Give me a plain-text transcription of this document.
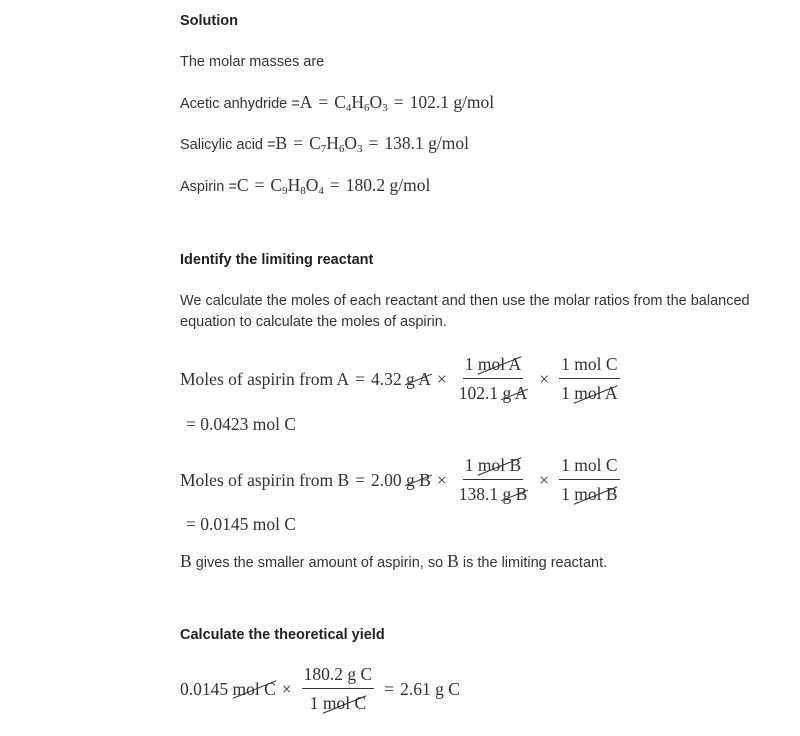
Solution
The molar masses are
Acetic anhydride = $A = C_4H_6O_3 = 102.1$ g/mol
Salicylic acid = $B = C_7H_6O_3 = 138.1$ g/mol
Aspirin = $C = C_9H_8O_4 = 180.2$ g/mol
Identify the limiting reactant
We calculate the moles of each reactant and then use the molar ratios from the balanced equation to calculate the moles of aspirin.
Moles of aspirin from A = 4.32
g $A \times \frac{\text{1 mol A}}{\text{102.1 g A}} \times \frac{\text{1 mol C}}{\text{1 mol A}}$
=
0.0423 mol C
Moles of aspirin from B = 2.00
g $B \times \frac{\text{1 mol B}}{\text{138.1 g B}} \times \frac{\text{1 mol C}}{\text{1 mol B}}$
=
0.0145 mol C
B gives the smaller amount of aspirin, so B is the limiting reactant.
Calculate the theoretical yield
0.0145
mol $C \times \frac{\text{180.2 g C}}{\text{1 mol C}} = 2.61$ g C
